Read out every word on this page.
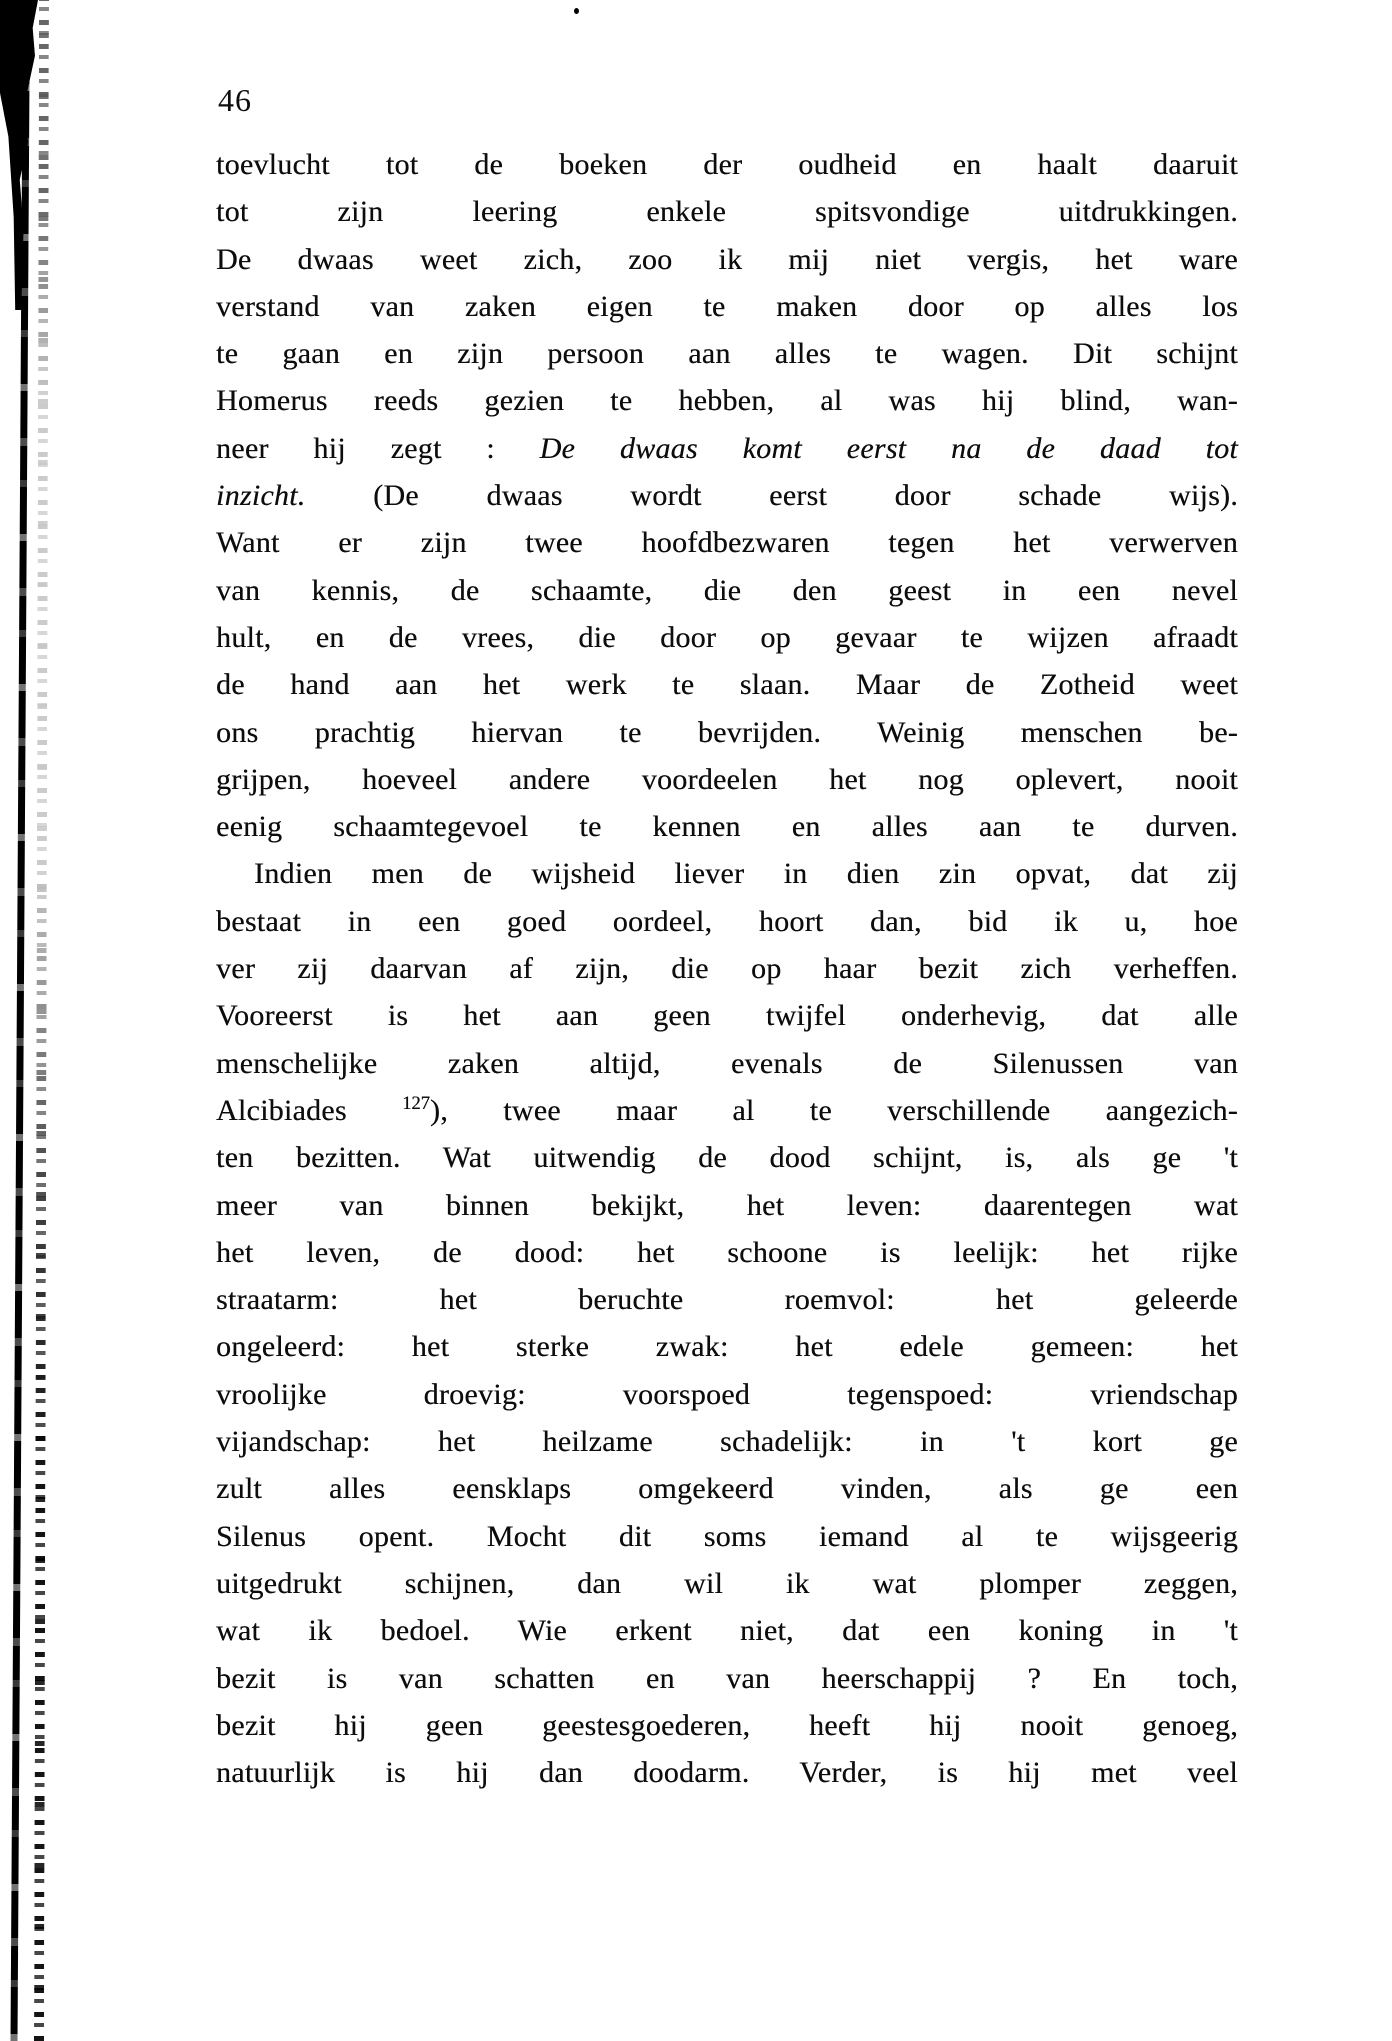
46
toevlucht tot de boeken der oudheid en haalt daaruit
tot zijn leering enkele spitsvondige uitdrukkingen.
De dwaas weet zich, zoo ik mij niet vergis, het ware
verstand van zaken eigen te maken door op alles los
te gaan en zijn persoon aan alles te wagen. Dit schijnt
Homerus reeds gezien te hebben, al was hij blind, wan-
neer hij zegt : De dwaas komt eerst na de daad tot
inzicht. (De dwaas wordt eerst door schade wijs).
Want er zijn twee hoofdbezwaren tegen het verwerven
van kennis, de schaamte, die den geest in een nevel
hult, en de vrees, die door op gevaar te wijzen afraadt
de hand aan het werk te slaan. Maar de Zotheid weet
ons prachtig hiervan te bevrijden. Weinig menschen be-
grijpen, hoeveel andere voordeelen het nog oplevert, nooit
eenig schaamtegevoel te kennen en alles aan te durven.
Indien men de wijsheid liever in dien zin opvat, dat zij
bestaat in een goed oordeel, hoort dan, bid ik u, hoe
ver zij daarvan af zijn, die op haar bezit zich verheffen.
Vooreerst is het aan geen twijfel onderhevig, dat alle
menschelijke zaken altijd, evenals de Silenussen van
Alcibiades $^{127}$), twee maar al te verschillende aangezich-
ten bezitten. Wat uitwendig de dood schijnt, is, als ge 't
meer van binnen bekijkt, het leven: daarentegen wat
het leven, de dood: het schoone is leelijk: het rijke
straatarm: het beruchte roemvol: het geleerde
ongeleerd: het sterke zwak: het edele gemeen: het
vroolijke droevig: voorspoed tegenspoed: vriendschap
vijandschap: het heilzame schadelijk: in 't kort ge
zult alles eensklaps omgekeerd vinden, als ge een
Silenus opent. Mocht dit soms iemand al te wijsgeerig
uitgedrukt schijnen, dan wil ik wat plomper zeggen,
wat ik bedoel. Wie erkent niet, dat een koning in 't
bezit is van schatten en van heerschappij ? En toch,
bezit hij geen geestesgoederen, heeft hij nooit genoeg,
natuurlijk is hij dan doodarm. Verder, is hij met veel
